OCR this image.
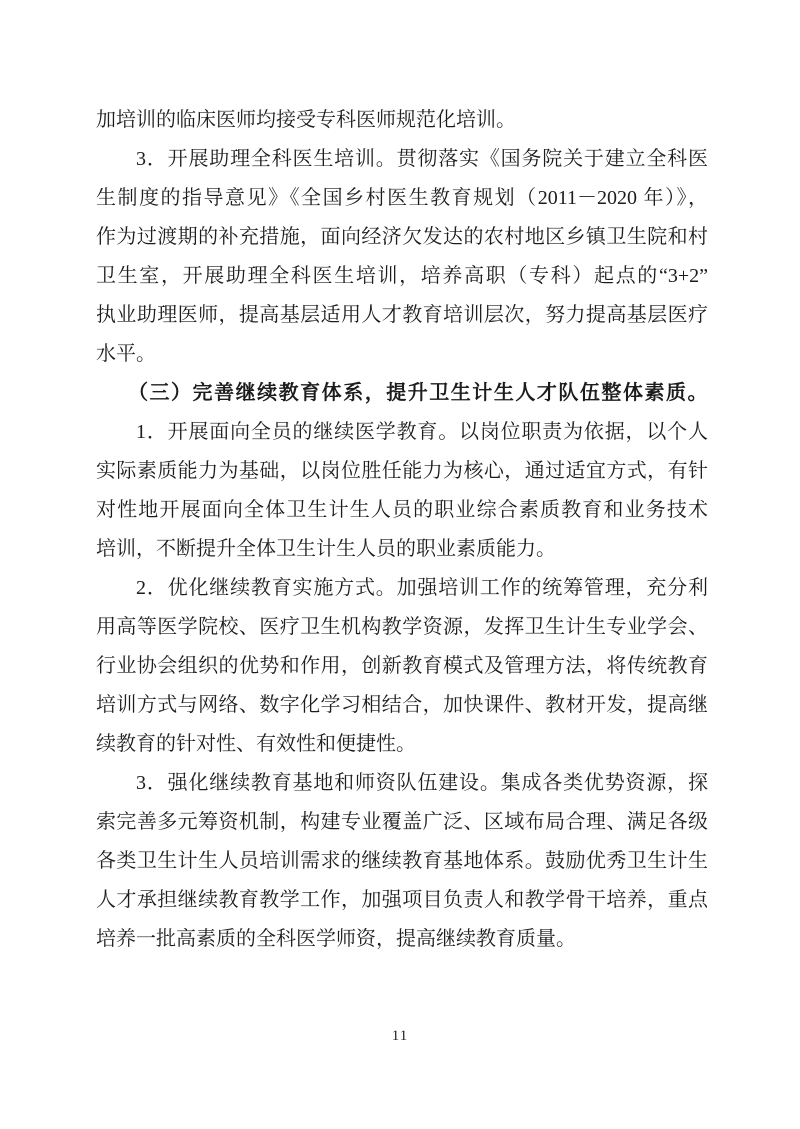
加培训的临床医师均接受专科医师规范化培训。
3．开展助理全科医生培训。贯彻落实《国务院关于建立全科医
生制度的指导意见》《全国乡村医生教育规划（2011－2020 年）》，
作为过渡期的补充措施，面向经济欠发达的农村地区乡镇卫生院和村
卫生室，开展助理全科医生培训，培养高职（专科）起点的“3+2”
执业助理医师，提高基层适用人才教育培训层次，努力提高基层医疗
水平。
（三）完善继续教育体系，提升卫生计生人才队伍整体素质。
1．开展面向全员的继续医学教育。以岗位职责为依据，以个人
实际素质能力为基础，以岗位胜任能力为核心，通过适宜方式，有针
对性地开展面向全体卫生计生人员的职业综合素质教育和业务技术
培训，不断提升全体卫生计生人员的职业素质能力。
2．优化继续教育实施方式。加强培训工作的统筹管理，充分利
用高等医学院校、医疗卫生机构教学资源，发挥卫生计生专业学会、
行业协会组织的优势和作用，创新教育模式及管理方法，将传统教育
培训方式与网络、数字化学习相结合，加快课件、教材开发，提高继
续教育的针对性、有效性和便捷性。
3．强化继续教育基地和师资队伍建设。集成各类优势资源，探
索完善多元筹资机制，构建专业覆盖广泛、区域布局合理、满足各级
各类卫生计生人员培训需求的继续教育基地体系。鼓励优秀卫生计生
人才承担继续教育教学工作，加强项目负责人和教学骨干培养，重点
培养一批高素质的全科医学师资，提高继续教育质量。
11
